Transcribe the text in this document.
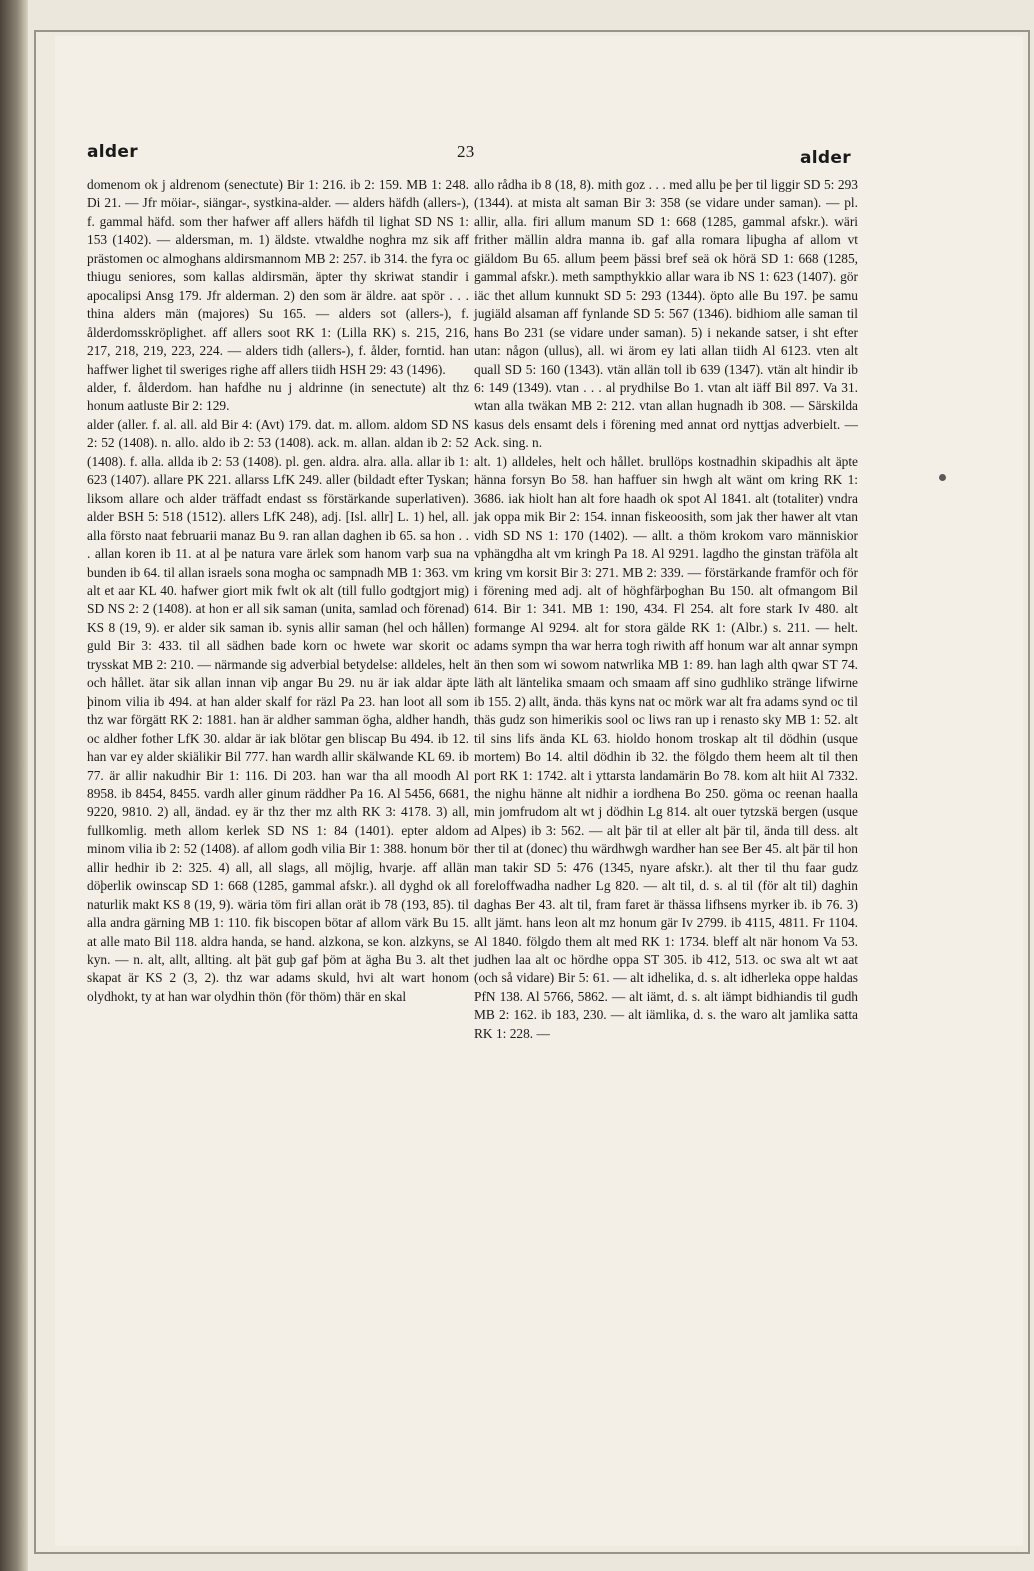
alder	23	alder

domenom ok j aldrenom (senectute) Bir 1: 216. ib 2: 159. MB 1: 248. Di 21. — Jfr möiar-, siängar-, systkina-alder. — alders häfdh (allers-), f. gammal häfd. som ther hafwer aff allers häfdh til lighat SD NS 1: 153 (1402). — aldersman, m. 1) äldste. vtwaldhe noghra mz sik aff prästomen oc almoghans aldirsmannom MB 2: 257. ib 314. the fyra oc thiugu seniores, som kallas aldirsmän, äpter thy skriwat standir i apocalipsi Ansg 179. Jfr alderman. 2) den som är äldre. aat spör . . . thina alders män (majores) Su 165. — alders sot (allers-), f. ålderdomsskröplighet. aff allers soot RK 1: (Lilla RK) s. 215, 216, 217, 218, 219, 223, 224. — alders tidh (allers-), f. ålder, forntid. han haffwer lighet til sweriges righe aff allers tiidh HSH 29: 43 (1496).

alder, f. ålderdom. han hafdhe nu j aldrinne (in senectute) alt thz honum aatluste Bir 2: 129.

alder (aller. f. al. all. ald Bir 4: (Avt) 179. dat. m. allom. aldom SD NS 2: 52 (1408). n. allo. aldo ib 2: 53 (1408). ack. m. allan. aldan ib 2: 52 (1408). f. alla. allda ib 2: 53 (1408). pl. gen. aldra. alra. alla. allar ib 1: 623 (1407). allare PK 221. allarss LfK 249. aller (bildadt efter Tyskan; liksom allare och alder träffadt endast ss förstärkande superlativen). alder BSH 5: 518 (1512). allers LfK 248), adj. [Isl. allr] L. 1) hel, all. alla försto naat februarii manaz Bu 9. ran allan daghen ib 65. sa hon . . . allan koren ib 11. at al þe natura vare ärlek som hanom varþ sua na bunden ib 64. til allan israels sona mogha oc sampnadh MB 1: 363. vm alt et aar KL 40. hafwer giort mik fwlt ok alt (till fullo godtgjort mig) SD NS 2: 2 (1408). at hon er all sik saman (unita, samlad och förenad) KS 8 (19, 9). er alder sik saman ib. synis allir saman (hel och hållen) guld Bir 3: 433. til all sädhen bade korn oc hwete war skorit oc trysskat MB 2: 210. — närmande sig adverbial betydelse: alldeles, helt och hållet. ätar sik allan innan viþ angar Bu 29. nu är iak aldar äpte þinom vilia ib 494. at han alder skalf for räzl Pa 23. han loot all som thz war förgätt RK 2: 1881. han är aldher samman ögha, aldher handh, oc aldher fother LfK 30. aldar är iak blötar gen bliscap Bu 494. ib 12. han var ey alder skiälikir Bil 777. han wardh allir skälwande KL 69. ib 77. är allir nakudhir Bir 1: 116. Di 203. han war tha all moodh Al 8958. ib 8454, 8455. vardh aller ginum räddher Pa 16. Al 5456, 6681, 9220, 9810. 2) all, ändad. ey är thz ther mz alth RK 3: 4178. 3) all, fullkomlig. meth allom kerlek SD NS 1: 84 (1401). epter aldom minom vilia ib 2: 52 (1408). af allom godh vilia Bir 1: 388. honum bör allir hedhir ib 2: 325. 4) all, all slags, all möjlig, hvarje. aff allän döþerlik owinscap SD 1: 668 (1285, gammal afskr.). all dyghd ok all naturlik makt KS 8 (19, 9). wäria töm firi allan orät ib 78 (193, 85). til alla andra gärning MB 1: 110. fik biscopen bötar af allom värk Bu 15. at alle mato Bil 118. aldra handa, se hand. alzkona, se kon. alzkyns, se kyn. — n. alt, allt, allting. alt þät guþ gaf þöm at ägha Bu 3. alt thet skapat är KS 2 (3, 2). thz war adams skuld, hvi alt wart honom olydhokt, ty at han war olydhin thön (för thöm) thär en skal

allo rådha ib 8 (18, 8). mith goz . . . med allu þe þer til liggir SD 5: 293 (1344). at mista alt saman Bir 3: 358 (se vidare under saman). — pl. allir, alla. firi allum manum SD 1: 668 (1285, gammal afskr.). wäri frither mällin aldra manna ib. gaf alla romara liþugha af allom vt giäldom Bu 65. allum þeem þässi bref seä ok hörä SD 1: 668 (1285, gammal afskr.). meth sampthykkio allar wara ib NS 1: 623 (1407). gör iäc thet allum kunnukt SD 5: 293 (1344). öpto alle Bu 197. þe samu jugiäld alsaman aff fynlande SD 5: 567 (1346). bidhiom alle saman til hans Bo 231 (se vidare under saman). 5) i nekande satser, i sht efter utan: någon (ullus), all. wi ärom ey lati allan tiidh Al 6123. vten alt quall SD 5: 160 (1343). vtän allän toll ib 639 (1347). vtän alt hindir ib 6: 149 (1349). vtan . . . al prydhilse Bo 1. vtan alt iäff Bil 897. Va 31. wtan alla twäkan MB 2: 212. vtan allan hugnadh ib 308. — Särskilda kasus dels ensamt dels i förening med annat ord nyttjas adverbielt. — Ack. sing. n.

alt. 1) alldeles, helt och hållet. brullöps kostnadhin skipadhis alt äpte hänna forsyn Bo 58. han haffuer sin hwgh alt wänt om kring RK 1: 3686. iak hiolt han alt fore haadh ok spot Al 1841. alt (totaliter) vndra jak oppa mik Bir 2: 154. innan fiskeoosith, som jak ther hawer alt vtan vidh SD NS 1: 170 (1402). — allt. a thöm krokom varo människior vphängdha alt vm kringh Pa 18. Al 9291. lagdho the ginstan träföla alt kring vm korsit Bir 3: 271. MB 2: 339. — förstärkande framför och för i förening med adj. alt of höghfärþoghan Bu 150. alt ofmangom Bil 614. Bir 1: 341. MB 1: 190, 434. Fl 254. alt fore stark Iv 480. alt formange Al 9294. alt for stora gälde RK 1: (Albr.) s. 211. — helt. adams sympn tha war herra togh riwith aff honum war alt annar sympn än then som wi sowom natwrlika MB 1: 89. han lagh alth qwar ST 74. läth alt läntelika smaam och smaam aff sino gudhliko strängе lifwirne ib 155. 2) allt, ända. thäs kyns nat oc mörk war alt fra adams synd oc til thäs gudz son himerikis sool oc liws ran up i renasto sky MB 1: 52. alt til sins lifs ända KL 63. hioldo honom troskap alt til dödhin (usque mortem) Bo 14. altil dödhin ib 32. the fölgdo them heem alt til then port RK 1: 1742. alt i yttarsta landamärin Bo 78. kom alt hiit Al 7332. the nighu hänne alt nidhir a iordhena Bo 250. göma oc reenan haalla min jomfrudom alt wt j dödhin Lg 814. alt ouer tytzskä bergen (usque ad Alpes) ib 3: 562. — alt þär til at eller alt þär til, ända till dess. alt ther til at (donec) thu wärdhwgh wardher han see Ber 45. alt þär til hon man takir SD 5: 476 (1345, nyare afskr.). alt ther til thu faar gudz foreloffwadha nadher Lg 820. — alt til, d. s. al til (för alt til) daghin daghas Ber 43. alt til, fram faret är thässa lifhsens myrker ib. ib 76. 3) allt jämt. hans leon alt mz honum gär Iv 2799. ib 4115, 4811. Fr 1104. Al 1840. fölgdo them alt med RK 1: 1734. bleff alt när honom Va 53. judhen laa alt oc hördhe oppa ST 305. ib 412, 513. oc swa alt wt aat (och så vidare) Bir 5: 61. — alt idhelika, d. s. alt idherleka oppe haldas PfN 138. Al 5766, 5862. — alt iämt, d. s. alt iämpt bidhiandis til gudh MB 2: 162. ib 183, 230. — alt iämlika, d. s. the waro alt jamlika satta RK 1: 228. —
